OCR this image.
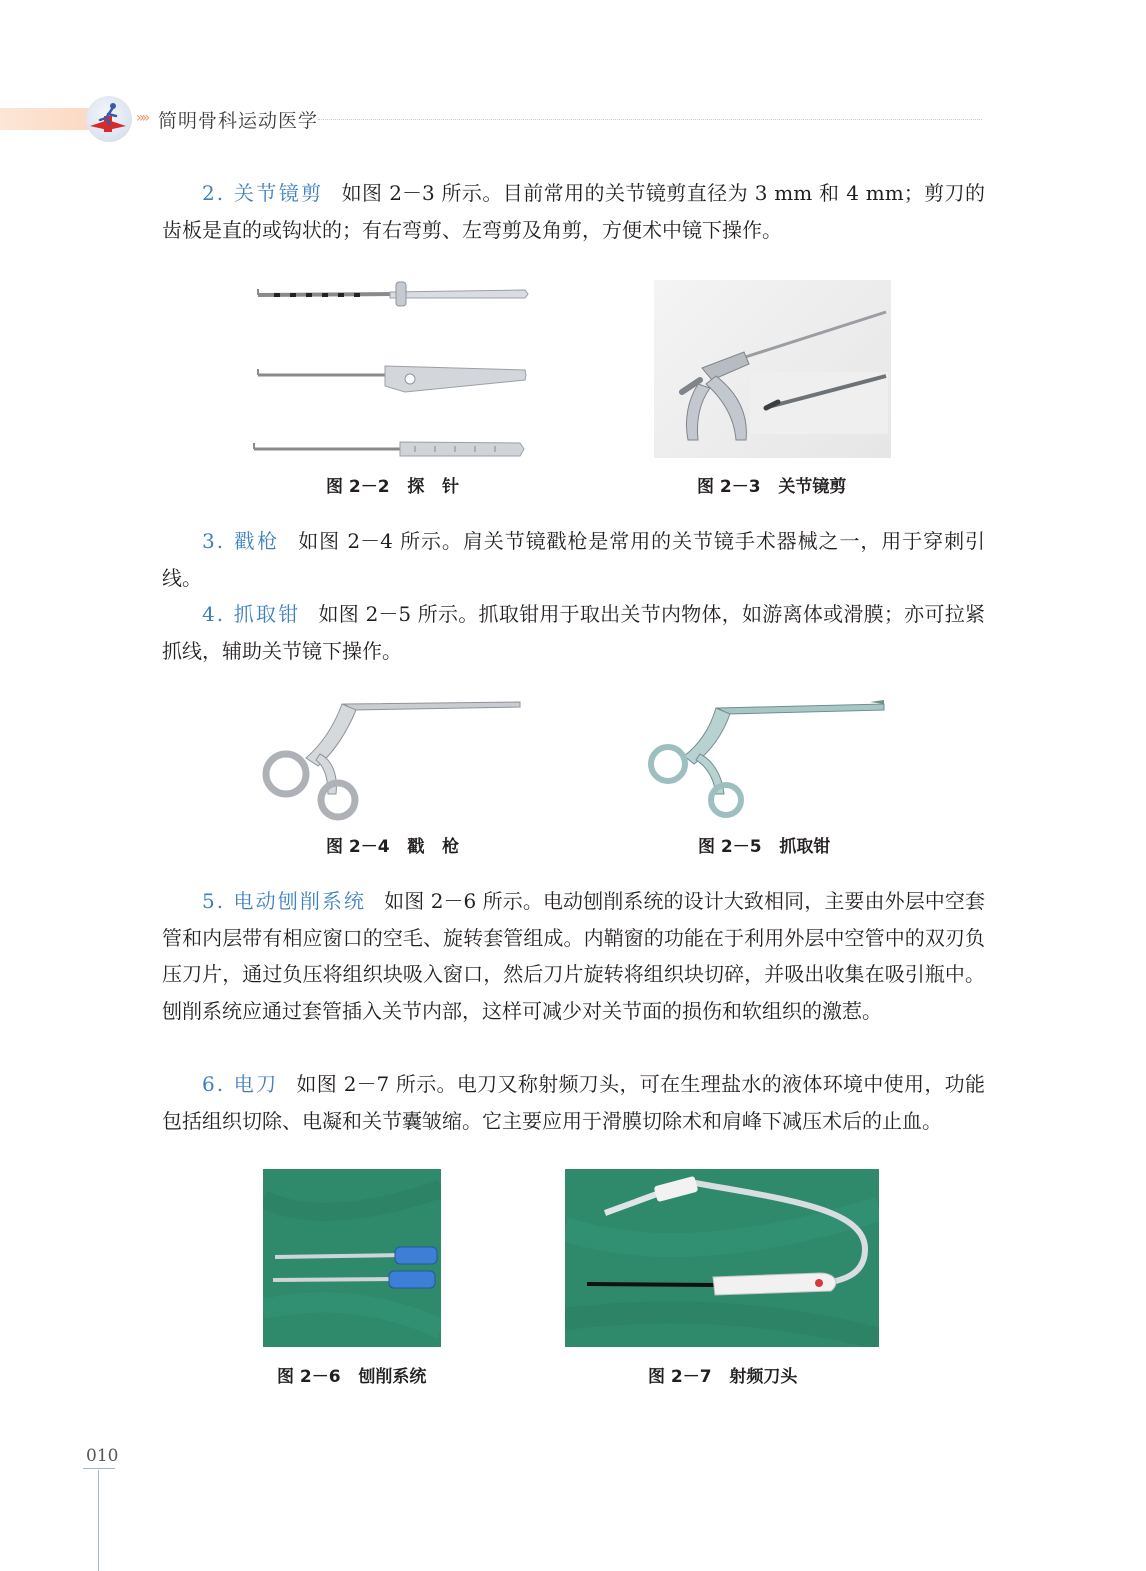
»» 简明骨科运动医学
2. 关节镜剪 如图 2－3 所示。目前常用的关节镜剪直径为 3 mm 和 4 mm；剪刀的齿板是直的或钩状的；有右弯剪、左弯剪及角剪，方便术中镜下操作。
图 2－2   探   针	图 2－3   关节镜剪
3. 戳枪 如图 2－4 所示。肩关节镜戳枪是常用的关节镜手术器械之一，用于穿刺引线。
4. 抓取钳 如图 2－5 所示。抓取钳用于取出关节内物体，如游离体或滑膜；亦可拉紧抓线，辅助关节镜下操作。
图 2－4   戳   枪	图 2－5   抓取钳
5. 电动刨削系统 如图 2－6 所示。电动刨削系统的设计大致相同，主要由外层中空套管和内层带有相应窗口的空毛、旋转套管组成。内鞘窗的功能在于利用外层中空管中的双刃负压刀片，通过负压将组织块吸入窗口，然后刀片旋转将组织块切碎，并吸出收集在吸引瓶中。刨削系统应通过套管插入关节内部，这样可减少对关节面的损伤和软组织的激惹。
6. 电刀 如图 2－7 所示。电刀又称射频刀头，可在生理盐水的液体环境中使用，功能包括组织切除、电凝和关节囊皱缩。它主要应用于滑膜切除术和肩峰下减压术后的止血。
图 2－6   刨削系统	图 2－7   射频刀头
010
